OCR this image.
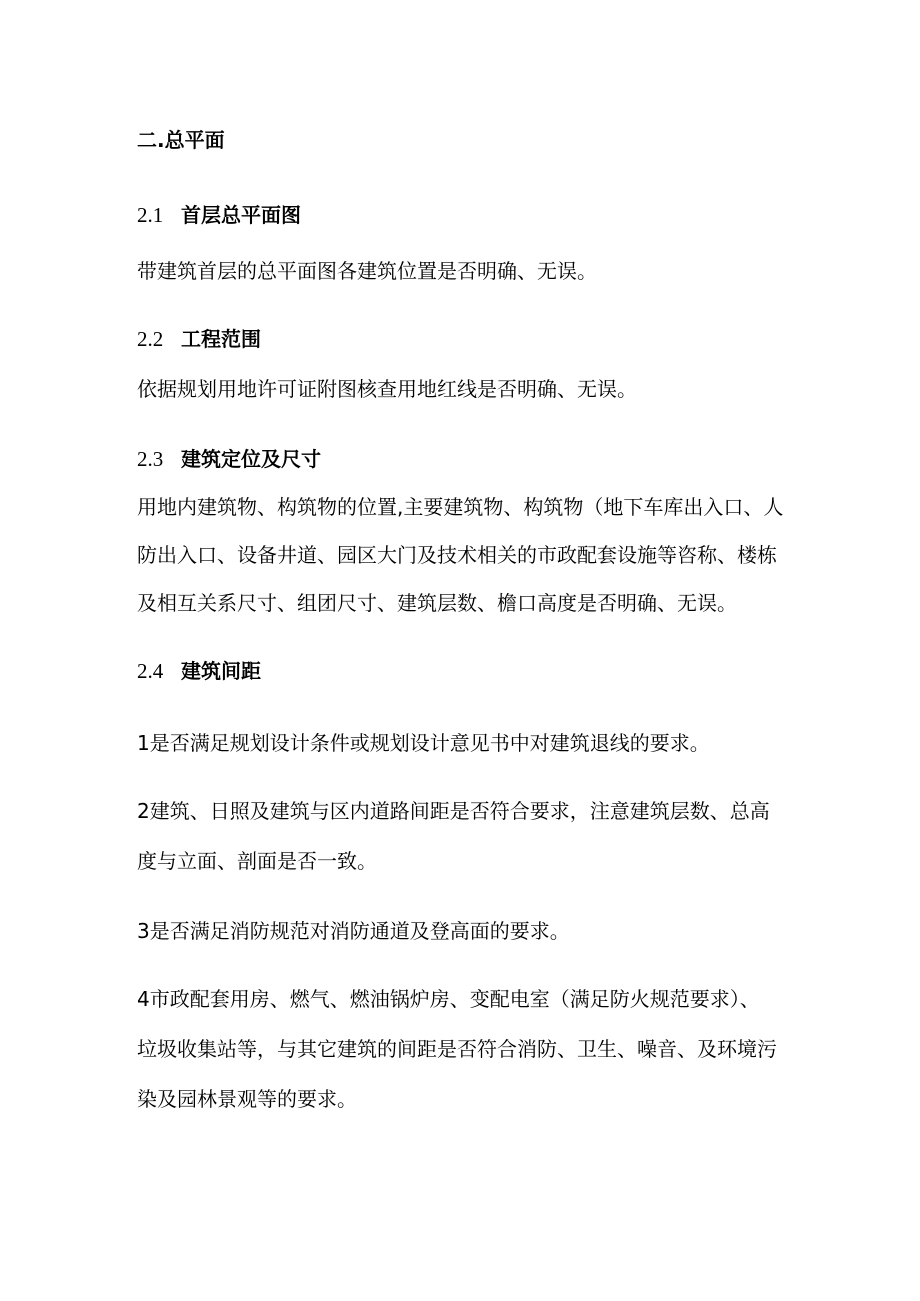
二.总平面
2.1 首层总平面图
带建筑首层的总平面图各建筑位置是否明确、无误。
2.2 工程范围
依据规划用地许可证附图核查用地红线是否明确、无误。
2.3 建筑定位及尺寸
用地内建筑物、构筑物的位置,主要建筑物、构筑物（地下车库出入口、人
防出入口、设备井道、园区大门及技术相关的市政配套设施等咨称、楼栋
及相互关系尺寸、组团尺寸、建筑层数、檐口高度是否明确、无误。
2.4 建筑间距
1是否满足规划设计条件或规划设计意见书中对建筑退线的要求。
2建筑、日照及建筑与区内道路间距是否符合要求，注意建筑层数、总高
度与立面、剖面是否一致。
3是否满足消防规范对消防通道及登高面的要求。
4市政配套用房、燃气、燃油锅炉房、变配电室（满足防火规范要求）、
垃圾收集站等，与其它建筑的间距是否符合消防、卫生、噪音、及环境污
染及园林景观等的要求。
